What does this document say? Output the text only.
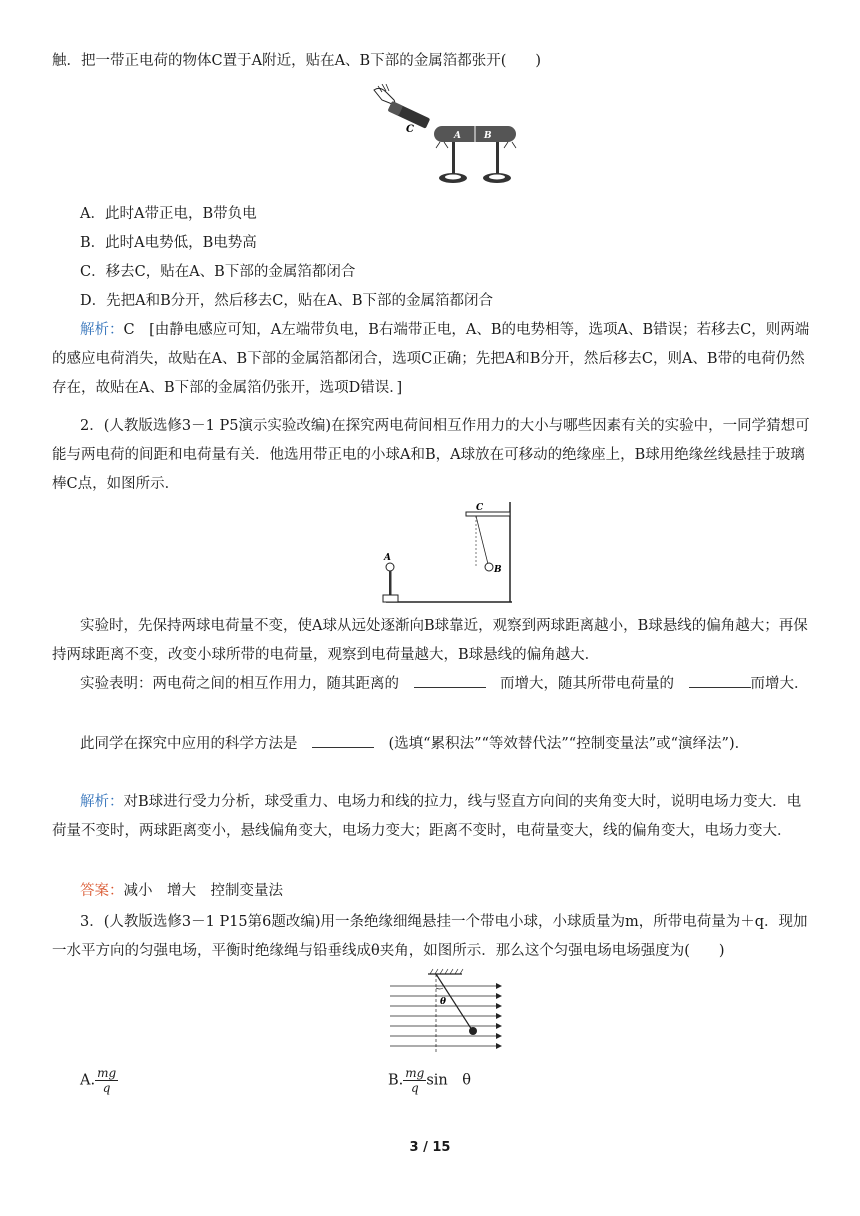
触．把一带正电荷的物体C置于A附近，贴在A、B下部的金属箔都张开(　　)

C
A	B

A．此时A带正电，B带负电

B．此时A电势低，B电势高

C．移去C，贴在A、B下部的金属箔都闭合

D．先把A和B分开，然后移去C，贴在A、B下部的金属箔都闭合

解析：C　[由静电感应可知，A左端带负电，B右端带正电，A、B的电势相等，选项A、B错误；若移去C，则两端的感应电荷消失，故贴在A、B下部的金属箔都闭合，选项C正确；先把A和B分开，然后移去C，则A、B带的电荷仍然存在，故贴在A、B下部的金属箔仍张开，选项D错误．]

2．(人教版选修3－1 P5演示实验改编)在探究两电荷间相互作用力的大小与哪些因素有关的实验中，一同学猜想可能与两电荷的间距和电荷量有关．他选用带正电的小球A和B，A球放在可移动的绝缘座上，B球用绝缘丝线悬挂于玻璃棒C点，如图所示．

C
B
A

实验时，先保持两球电荷量不变，使A球从远处逐渐向B球靠近，观察到两球距离越小，B球悬线的偏角越大；再保持两球距离不变，改变小球所带的电荷量，观察到电荷量越大，B球悬线的偏角越大．

实验表明：两电荷之间的相互作用力，随其距离的　　	而增大，随其所带电荷量的　	而增大．

此同学在探究中应用的科学方法是　　	(选填“累积法”“等效替代法”“控制变量法”或“演绎法”)．

解析：对B球进行受力分析，球受重力、电场力和线的拉力，线与竖直方向间的夹角变大时，说明电场力变大．电荷量不变时，两球距离变小，悬线偏角变大，电场力变大；距离不变时，电荷量变大，线的偏角变大，电场力变大．

答案：减小　增大　控制变量法

3．(人教版选修3－1 P15第6题改编)用一条绝缘细绳悬挂一个带电小球，小球质量为m，所带电荷量为＋q．现加一水平方向的匀强电场，平衡时绝缘绳与铅垂线成θ夹角，如图所示．那么这个匀强电场电场强度为(　　)

θ
A. $\frac{mg}{q}$	B. $\frac{mg}{q}$ sin　θ
3 / 15
